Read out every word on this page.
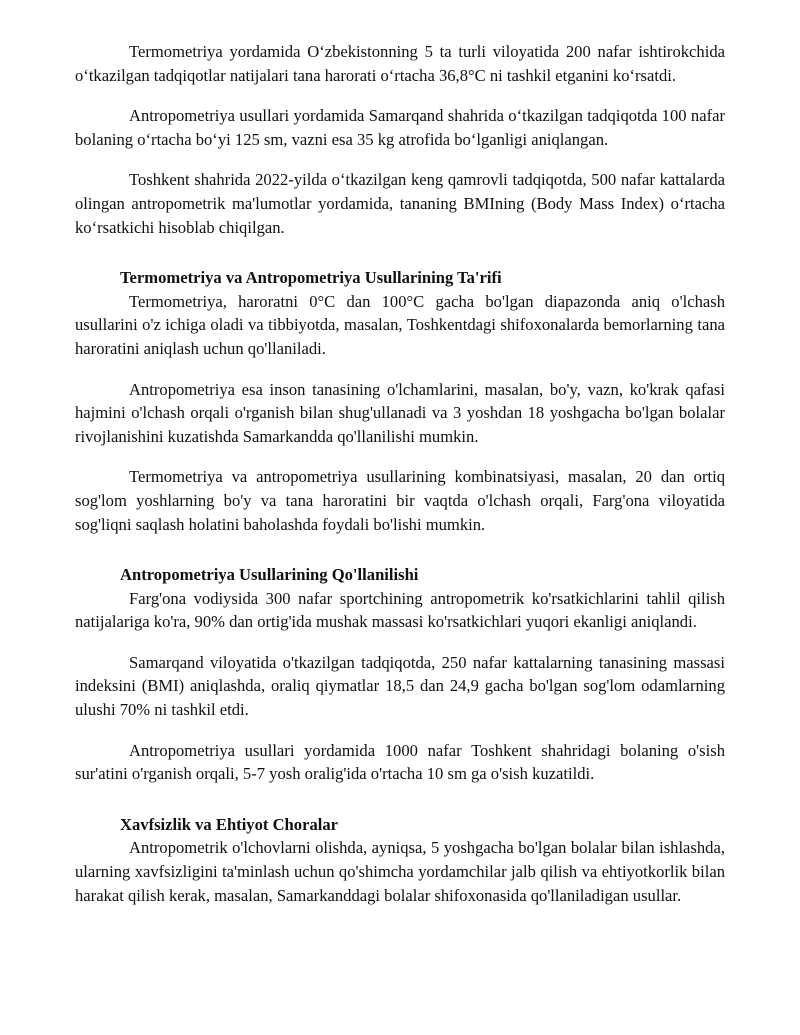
Termometriya yordamida O‘zbekistonning 5 ta turli viloyatida 200 nafar ishtirokchida o‘tkazilgan tadqiqotlar natijalari tana harorati o‘rtacha 36,8°C ni tashkil etganini ko‘rsatdi.

Antropometriya usullari yordamida Samarqand shahrida o‘tkazilgan tadqiqotda 100 nafar bolaning o‘rtacha bo‘yi 125 sm, vazni esa 35 kg atrofida bo‘lganligi aniqlangan.

Toshkent shahrida 2022-yilda o‘tkazilgan keng qamrovli tadqiqotda, 500 nafar kattalarda olingan antropometrik ma'lumotlar yordamida, tananing BMIning (Body Mass Index) o‘rtacha ko‘rsatkichi hisoblab chiqilgan.

Termometriya va Antropometriya Usullarining Ta'rifi

Termometriya, haroratni 0°C dan 100°C gacha bo'lgan diapazonda aniq o'lchash usullarini o'z ichiga oladi va tibbiyotda, masalan, Toshkentdagi shifoxonalarda bemorlarning tana haroratini aniqlash uchun qo'llaniladi.

Antropometriya esa inson tanasining o'lchamlarini, masalan, bo'y, vazn, ko'krak qafasi hajmini o'lchash orqali o'rganish bilan shug'ullanadi va 3 yoshdan 18 yoshgacha bo'lgan bolalar rivojlanishini kuzatishda Samarkandda qo'llanilishi mumkin.

Termometriya va antropometriya usullarining kombinatsiyasi, masalan, 20 dan ortiq sog'lom yoshlarning bo'y va tana haroratini bir vaqtda o'lchash orqali, Farg'ona viloyatida sog'liqni saqlash holatini baholashda foydali bo'lishi mumkin.

Antropometriya Usullarining Qo'llanilishi

Farg'ona vodiysida 300 nafar sportchining antropometrik ko'rsatkichlarini tahlil qilish natijalariga ko'ra, 90% dan ortig'ida mushak massasi ko'rsatkichlari yuqori ekanligi aniqlandi.

Samarqand viloyatida o'tkazilgan tadqiqotda, 250 nafar kattalarning tanasining massasi indeksini (BMI) aniqlashda, oraliq qiymatlar 18,5 dan 24,9 gacha bo'lgan sog'lom odamlarning ulushi 70% ni tashkil etdi.

Antropometriya usullari yordamida 1000 nafar Toshkent shahridagi bolaning o'sish sur'atini o'rganish orqali, 5-7 yosh oralig'ida o'rtacha 10 sm ga o'sish kuzatildi.

Xavfsizlik va Ehtiyot Choralar

Antropometrik o'lchovlarni olishda, ayniqsa, 5 yoshgacha bo'lgan bolalar bilan ishlashda, ularning xavfsizligini ta'minlash uchun qo'shimcha yordamchilar jalb qilish va ehtiyotkorlik bilan harakat qilish kerak, masalan, Samarkanddagi bolalar shifoxonasida qo'llaniladigan usullar.
